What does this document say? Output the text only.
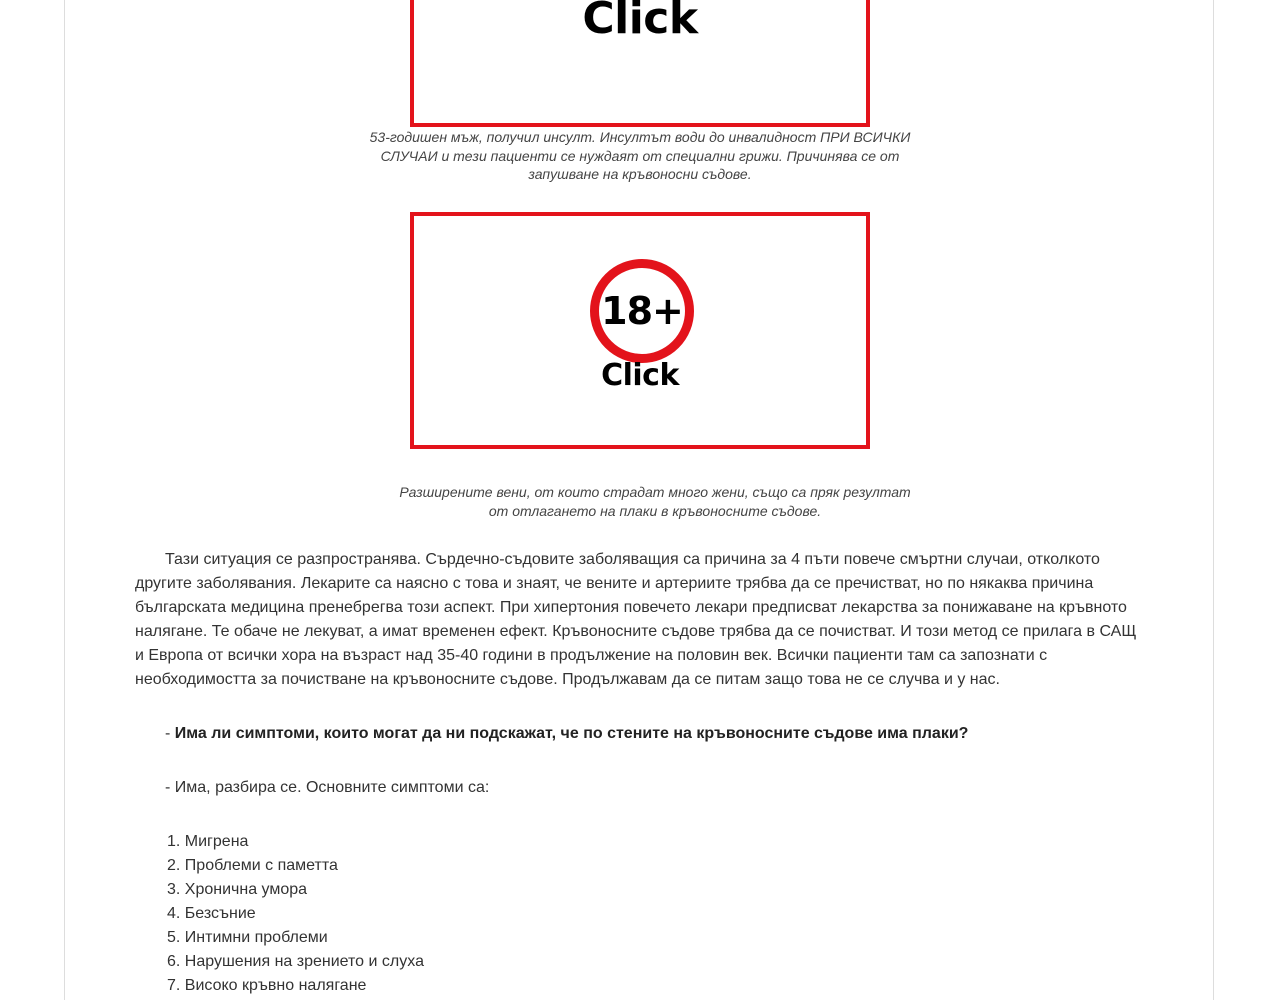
Click
53-годишен мъж, получил инсулт. Инсултът води до инвалидност ПРИ ВСИЧКИ СЛУЧАИ и тези пациенти се нуждаят от специални грижи. Причинява се от запушване на кръвоносни съдове.
18+
Click
Разширените вени, от които страдат много жени, също са пряк резултат от отлагането на плаки в кръвоносните съдове.

Тази ситуация се разпространява. Сърдечно-съдовите заболяващия са причина за 4 пъти повече смъртни случаи, отколкото другите заболявания. Лекарите са наясно с това и знаят, че вените и артериите трябва да се пречистват, но по някаква причина българската медицина пренебрегва този аспект. При хипертония повечето лекари предписват лекарства за понижаване на кръвното налягане. Те обаче не лекуват, а имат временен ефект. Кръвоносните съдове трябва да се почистват. И този метод се прилага в САЩ и Европа от всички хора на възраст над 35-40 години в продължение на половин век. Всички пациенти там са запознати с необходимостта за почистване на кръвоносните съдове. Продължавам да се питам защо това не се случва и у нас.

- Има ли симптоми, които могат да ни подскажат, че по стените на кръвоносните съдове има плаки?

- Има, разбира се. Основните симптоми са:

1. Мигрена
2. Проблеми с паметта
3. Хронична умора
4. Безсъние
5. Интимни проблеми
6. Нарушения на зрението и слуха
7. Високо кръвно налягане
